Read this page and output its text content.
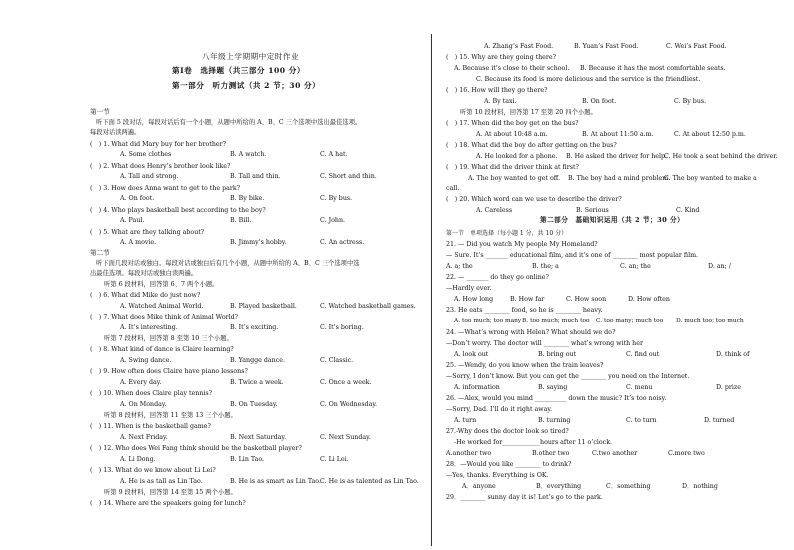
八年级上学期期中定时作业
第Ⅰ卷　选择题（共三部分 100 分）
第一部分　听力测试（共 2 节；30 分）
第一节
听下面 5 段对话，每段对话后有一个小题，从题中所给的 A、B、C 三个选项中选出最佳选项。
每段对话读两遍。
(　) 1. What did Mary buy for her brother?
A. Some clothes	B. A watch.	C. A hat.
(　) 2. What does Henry’s brother look like?
A. Tall and strong.	B. Tall and thin.	C. Short and thin.
(　) 3. How does Anna want to get to the park?
A. On foot.	B. By bike.	C. By bus.
(　) 4. Who plays basketball best according to the boy?
A. Paul.	B. Bill.	C. John.
(　) 5. What are they talking about?
A. A movie.	B. Jimmy’s hobby.	C. An actress.
第二节
听下面几段对话或独白。每段对话或独白后有几个小题，从题中所给的 A、B、C 三个选项中选
出最佳选项。每段对话或独白读两遍。
听第 6 段材料，回答第 6、7 两个小题。
(　) 6. What did Mike do just now?
A. Watched Animal World.	B. Played basketball.	C. Watched basketball games.
(　) 7. What does Mike think of Animal World?
A. It’s interesting.	B. It’s exciting.	C. It’s boring.
听第 7 段材料，回答第 8 至第 10 三个小题。
(　) 8. What kind of dance is Claire learning?
A. Swing dance.	B. Yangge dance.	C. Classic.
(　) 9. How often does Claire have piano lessons?
A. Every day.	B. Twice a week.	C. Once a week.
(　) 10. When does Claire play tennis?
A. On Monday.	B. On Tuesday.	C. On Wednesday.
听第 8 段材料，回答第 11 至第 13 三个小题。
(　) 11. When is the basketball game?
A. Next Friday.	B. Next Saturday.	C. Next Sunday.
(　) 12. Who does Wei Fang think should be the basketball player?
A. Li Dong.	B. Lin Tao.	C. Li Lei.
(　) 13. What do we know about Li Lei?
A. He is as tall as Lin Tao.	B. He is as smart as Lin Tao. C. He is as talented as Lin Tao.
听第 9 段材料，回答第 14 至第 15 两个小题。
(　) 14. Where are the speakers going for lunch?
A. Zhang’s Fast Food.	B. Yuan’s Fast Food.	C. Wei’s Fast Food.
(　) 15. Why are they going there?
A. Because it’s close to their school. B. Because it has the most comfortable seats.
C. Because its food is more delicious and the service is the friendliest.
(　) 16. How will they go there?
A. By taxi.	B. On foot.	C. By bus.
听第 10 段材料，回答第 17 至第 20 四个小题。
(　) 17. When did the boy get on the bus?
A. At about 10:48 a.m.	B. At about 11:50 a.m.	C. At about 12:50 p.m.
(　) 18. What did the boy do after getting on the bus?
A. He looked for a phone. B. He asked the driver for help.
C. He took a seat behind the driver.
(　) 19. What did the driver think at first?
A. The boy wanted to get off. B. The boy had a mind problem.
C. The boy wanted to make a
call.
(　) 20. Which word can we use to describe the driver?
A. Careless	B. Serious	C. Kind
第二部分　基础知识运用（共 2 节；30 分）
第一节　单项选择（每小题 1 分，共 10 分）
21. — Did you watch My people My Homeland?
— Sure. It’s _______ educational film, and it’s one of ________ most popular film.
A. a; the	B. the; a	C. an; the	D. an; /
22. — _______ do they go online?
—Hardly ever.
A. How long	B. How far	C. How soon	D. How often
23. He eats ________ food, so he is ________ heavy.
A. too much; too many B. too much; much too C. too many; much too D. much too; too much
24. —What’s wrong with Helen? What should we do?
—Don’t worry. The doctor will ________ what’s wrong with her
A. look out	B. bring out	C. find out	D. think of
25. —Wendy, do you know when the train leaves?
—Sorry, I don’t know. But you can get the ________ you need on the Internet.
A. information	B. saying	C. menu	D. prize
26. —Alex, would you mind __________ down the music? It’s too noisy.
—Sorry, Dad. I’ll do it right away.
A. turn	B. turning	C. to turn	D. turned
27.-Why does the doctor look so tired?
-He worked for____________hours after 11 o’clock.
A.another two	B.other two	C.two another	C.more two
28．—Would you like ________ to drink?
—Yes, thanks. Everything is OK.
A．anyone	B．everything	C．something	D．nothing
29．________ sunny day it is! Let’s go to the park.
